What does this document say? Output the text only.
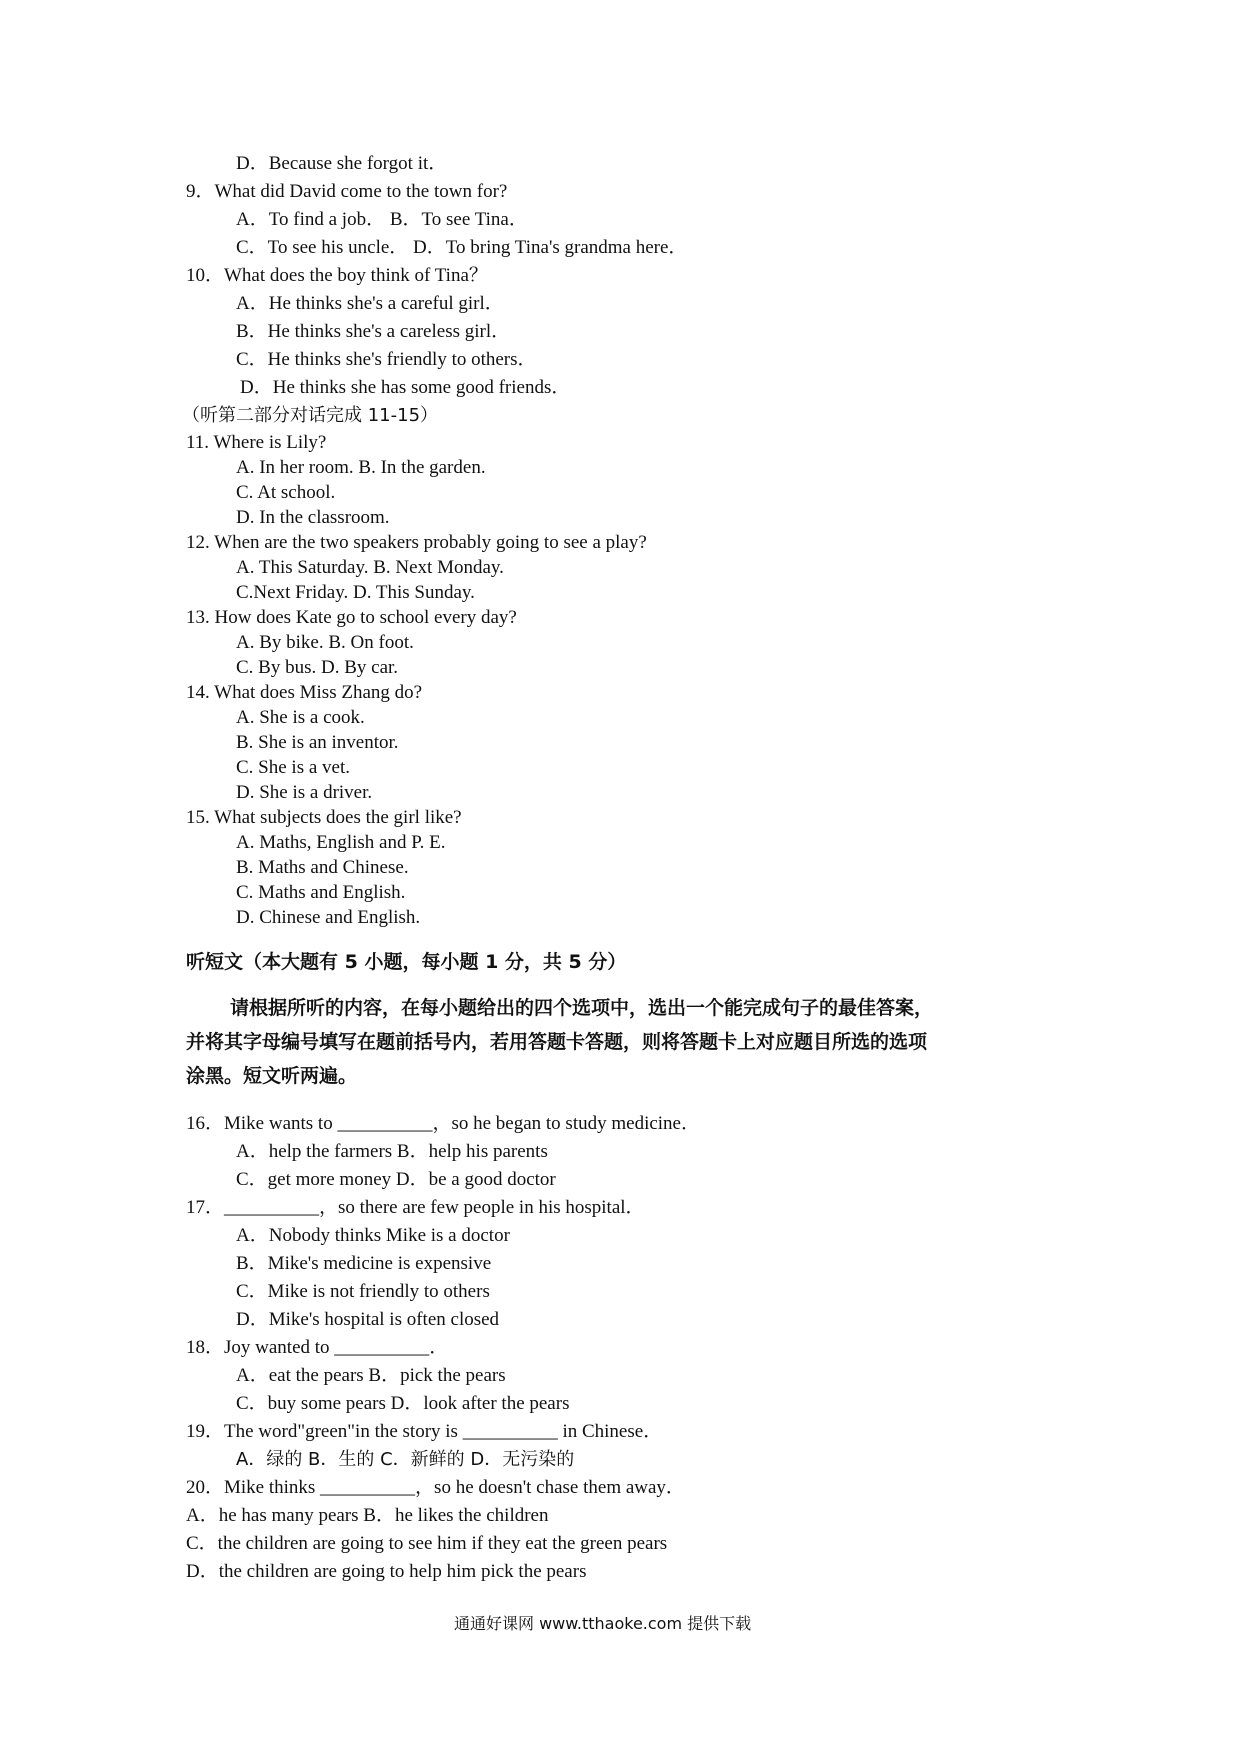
D．Because she forgot it．
9．What did David come to the town for?
A．To find a job． B．To see Tina．
C．To see his uncle． D．To bring Tina's grandma here．
10．What does the boy think of Tina？
A．He thinks she's a careful girl．
B．He thinks she's a careless girl．
C．He thinks she's friendly to others．
D．He thinks she has some good friends．
（听第二部分对话完成 11-15）
11. Where is Lily?
A. In her room. B. In the garden.
C. At school.
D. In the classroom.
12. When are the two speakers probably going to see a play?
A. This Saturday. B. Next Monday.
C.Next Friday. D. This Sunday.
13. How does Kate go to school every day?
A. By bike. B. On foot.
C. By bus. D. By car.
14. What does Miss Zhang do?
A. She is a cook.
B. She is an inventor.
C. She is a vet.
D. She is a driver.
15. What subjects does the girl like?
A. Maths, English and P. E.
B. Maths and Chinese.
C. Maths and English.
D. Chinese and English.
听短文（本大题有 5 小题，每小题 1 分，共 5 分）
请根据所听的内容，在每小题给出的四个选项中，选出一个能完成句子的最佳答案，
并将其字母编号填写在题前括号内，若用答题卡答题，则将答题卡上对应题目所选的选项
涂黑。短文听两遍。
16．Mike wants to __________，so he began to study medicine．
A．help the farmers B．help his parents
C．get more money D．be a good doctor
17．__________，so there are few people in his hospital．
A．Nobody thinks Mike is a doctor
B．Mike's medicine is expensive
C．Mike is not friendly to others
D．Mike's hospital is often closed
18．Joy wanted to __________．
A．eat the pears B．pick the pears
C．buy some pears D．look after the pears
19．The word"green"in the story is __________ in Chinese．
A．绿的 B．生的 C．新鲜的 D．无污染的
20．Mike thinks __________，so he doesn't chase them away．
A．he has many pears B．he likes the children
C．the children are going to see him if they eat the green pears
D．the children are going to help him pick the pears
通通好课网 www.tthaoke.com 提供下载
